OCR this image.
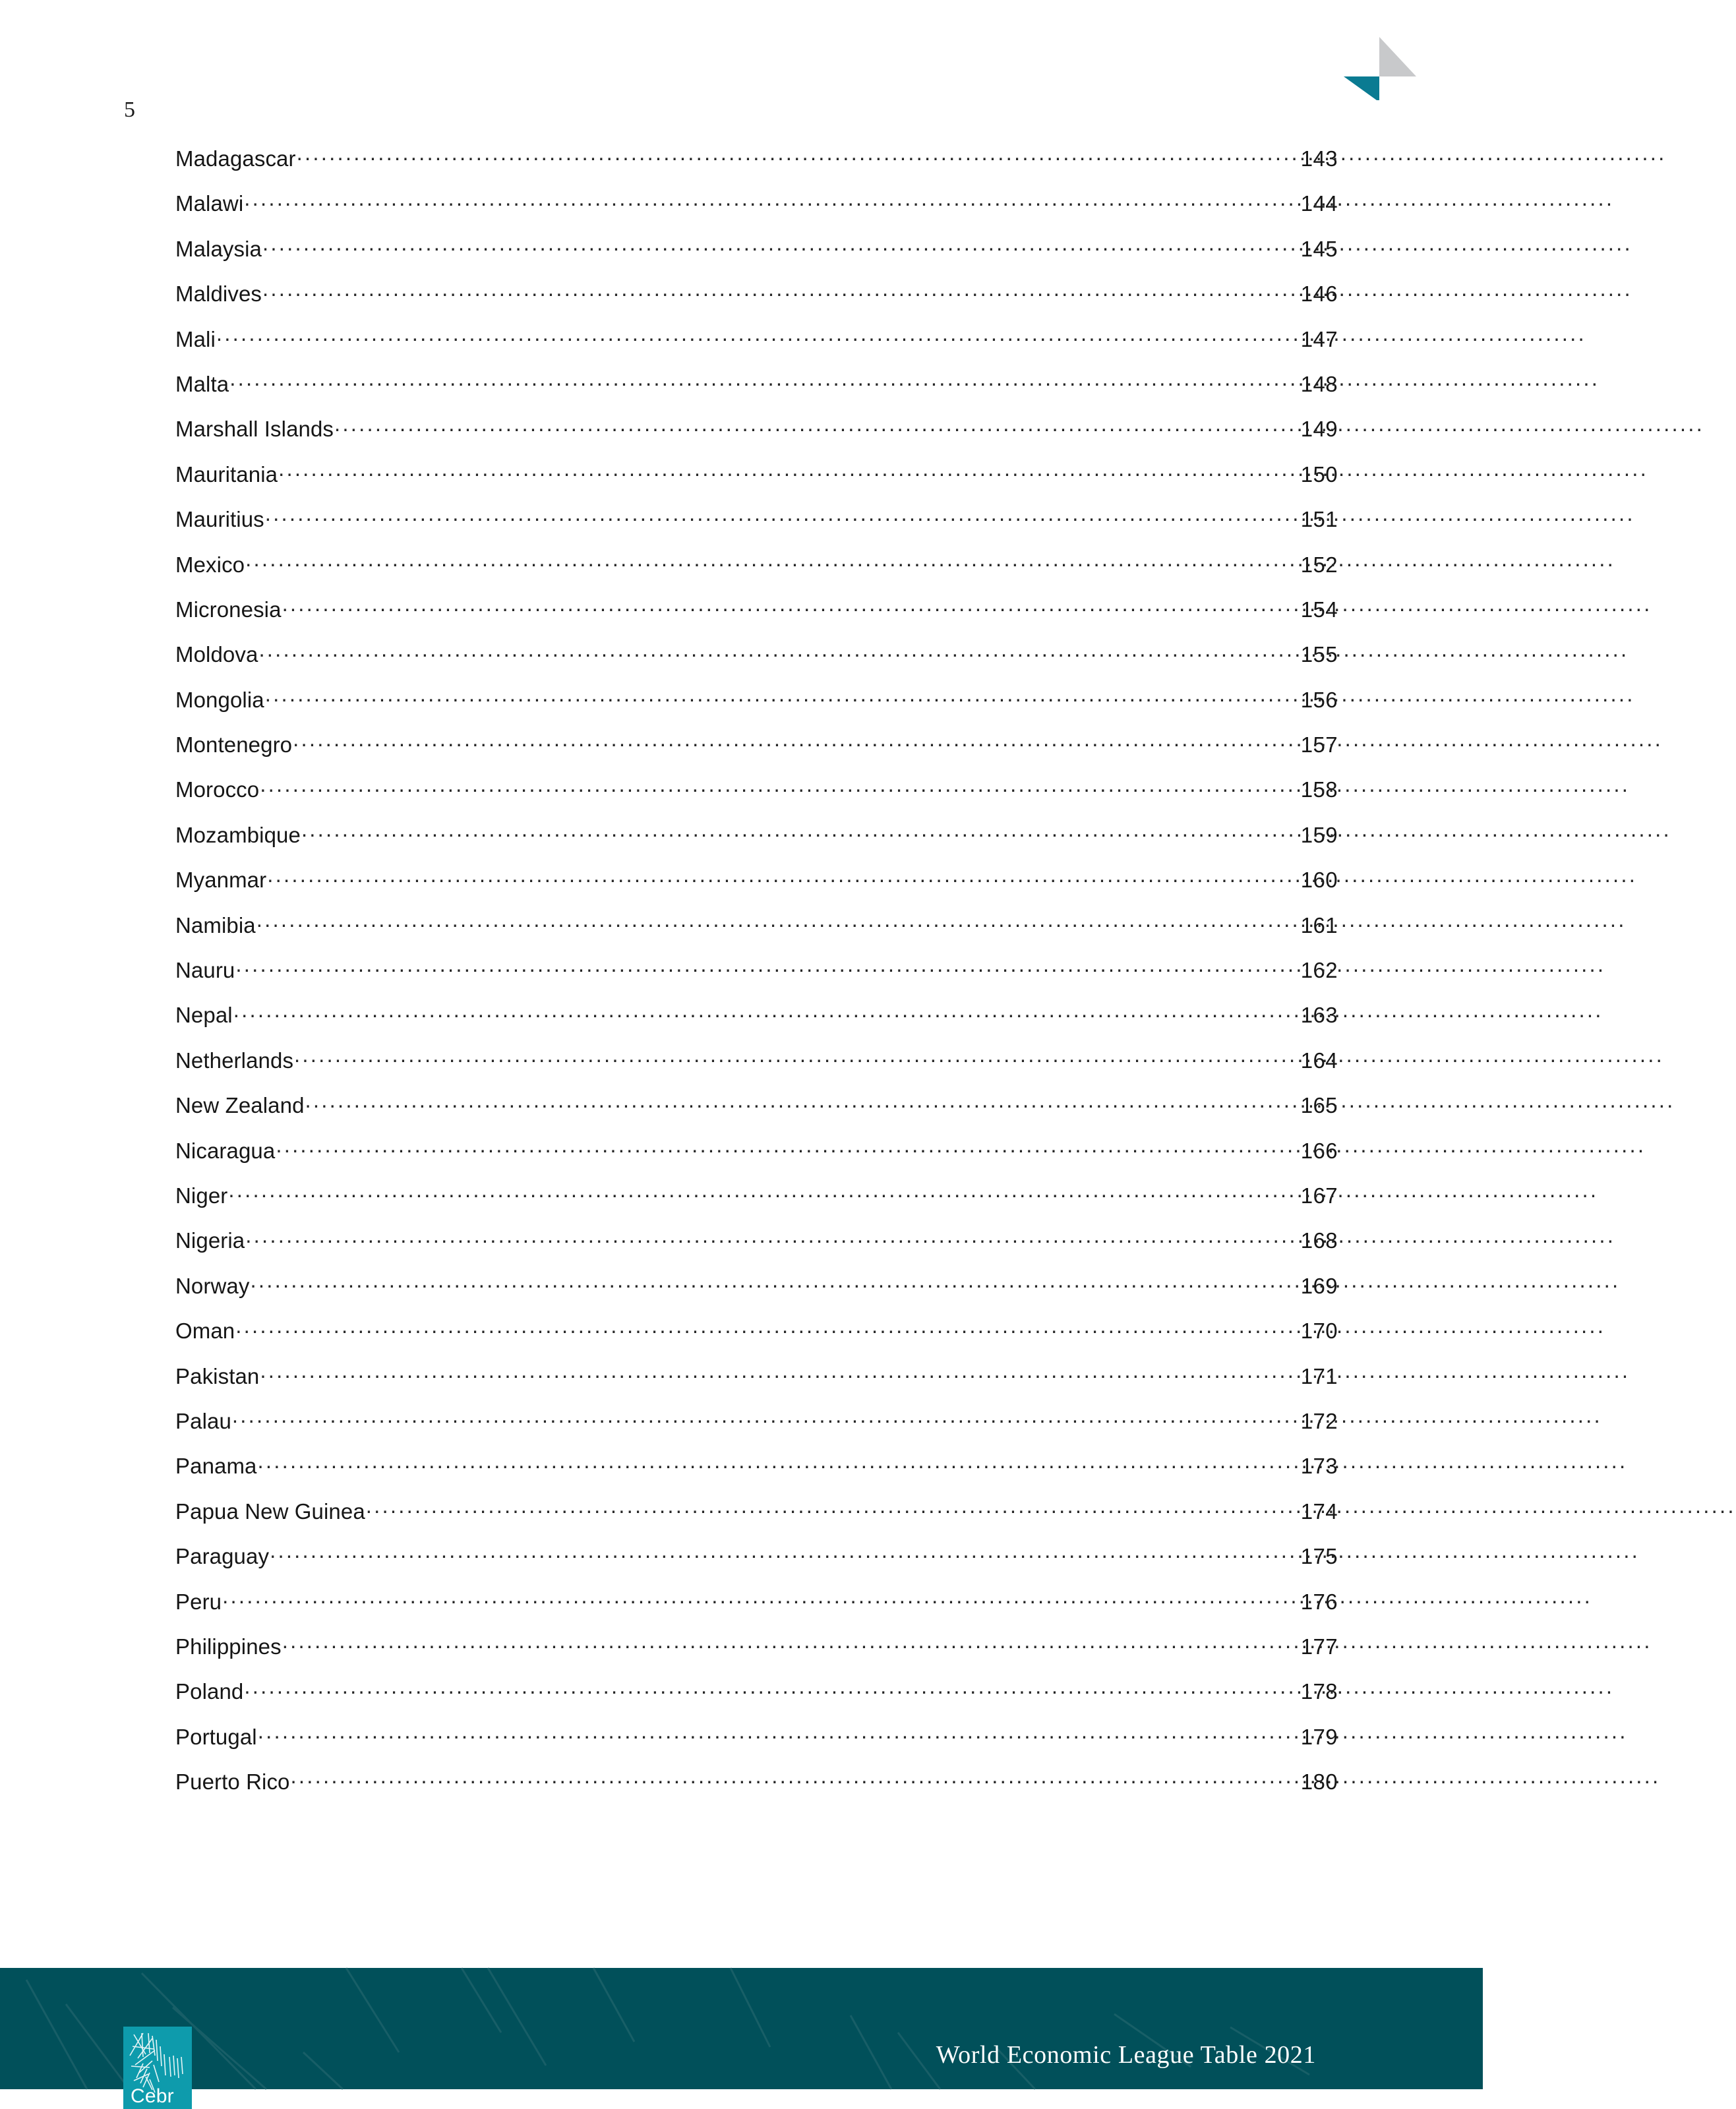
5
Madagascar .....	143
Malawi .....	144
Malaysia .....	145
Maldives .....	146
Mali .....	147
Malta .....	148
Marshall Islands .....	149
Mauritania .....	150
Mauritius .....	151
Mexico .....	152
Micronesia .....	154
Moldova .....	155
Mongolia .....	156
Montenegro .....	157
Morocco .....	158
Mozambique .....	159
Myanmar .....	160
Namibia .....	161
Nauru .....	162
Nepal .....	163
Netherlands .....	164
New Zealand .....	165
Nicaragua .....	166
Niger .....	167
Nigeria .....	168
Norway .....	169
Oman .....	170
Pakistan .....	171
Palau .....	172
Panama .....	173
Papua New Guinea .....	174
Paraguay .....	175
Peru .....	176
Philippines .....	177
Poland .....	178
Portugal .....	179
Puerto Rico .....	180
Cebr
World Economic League Table 2021
